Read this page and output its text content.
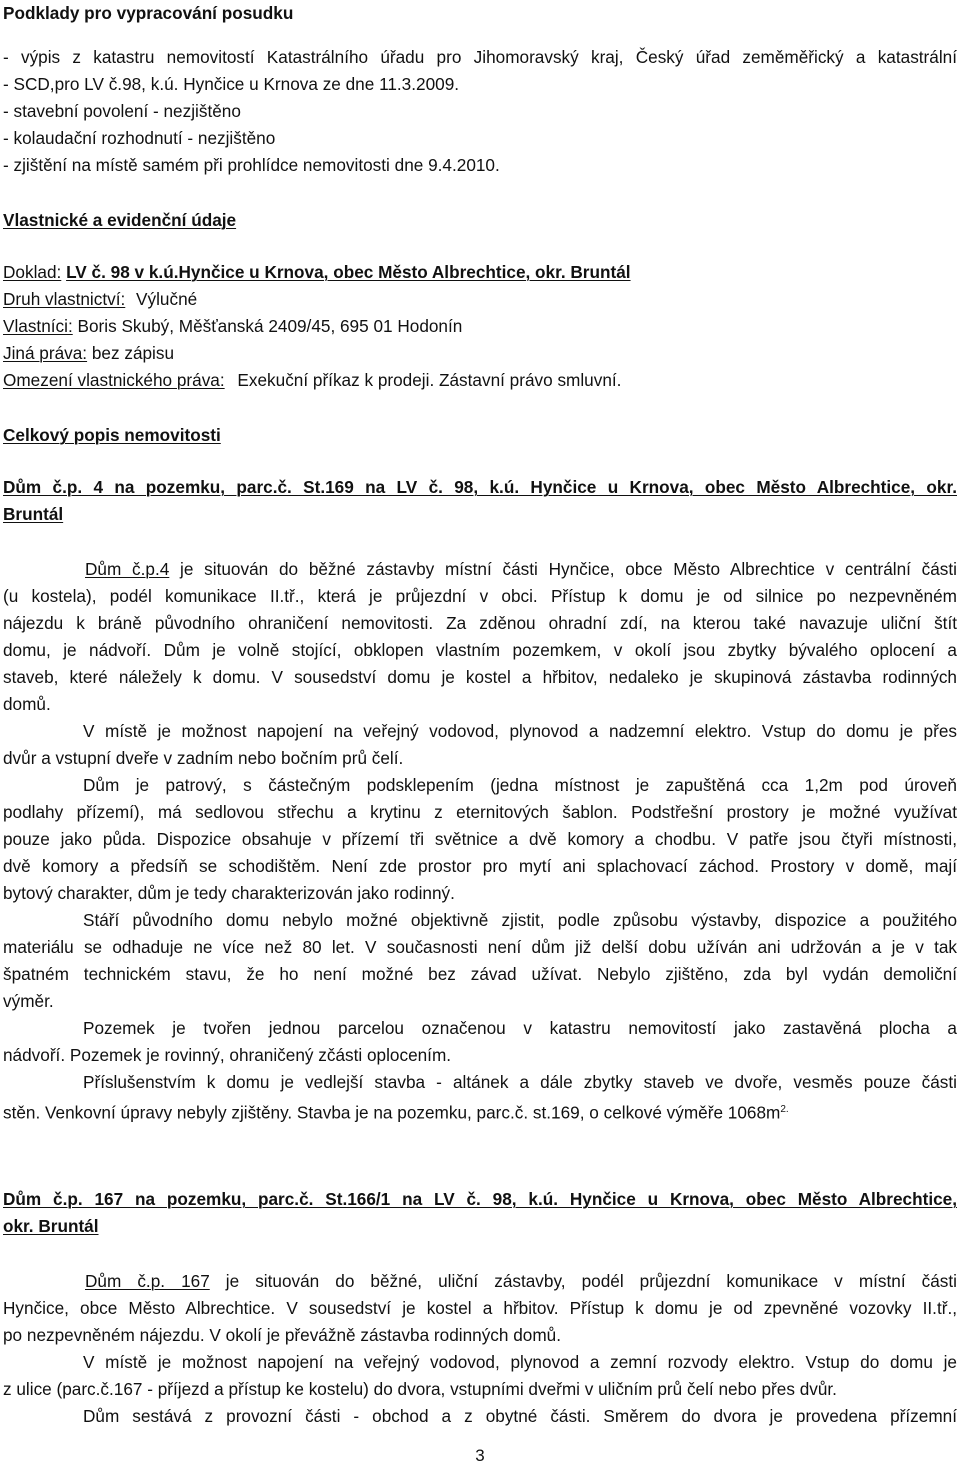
Podklady pro vypracování posudku
- výpis z katastru nemovitostí Katastrálního úřadu pro Jihomoravský kraj, Český úřad zeměměřický a katastrální
- SCD,pro LV č.98, k.ú. Hynčice u Krnova ze dne 11.3.2009.
- stavební povolení - nezjištěno
- kolaudační rozhodnutí - nezjištěno
- zjištění na místě samém při prohlídce nemovitosti dne 9.4.2010.
Vlastnické a evidenční údaje
Doklad: LV č. 98 v k.ú.Hynčice u Krnova, obec Město Albrechtice, okr. Bruntál
Druh vlastnictví: Výlučné
Vlastníci: Boris Skubý, Měšťanská 2409/45, 695 01 Hodonín
Jiná práva: bez zápisu
Omezení vlastnického práva: Exekuční příkaz k prodeji. Zástavní právo smluvní.
Celkový popis nemovitosti
Dům č.p. 4 na pozemku, parc.č. St.169 na LV č. 98, k.ú. Hynčice u Krnova, obec Město Albrechtice, okr.
Bruntál
Dům č.p.4 je situován do běžné zástavby místní části Hynčice, obce Město Albrechtice v centrální části
(u kostela), podél komunikace II.tř., která je průjezdní v obci. Přístup k domu je od silnice po nezpevněném
nájezdu k bráně původního ohraničení nemovitosti. Za zděnou ohradní zdí, na kterou také navazuje uliční štít
domu, je nádvoří. Dům je volně stojící, obklopen vlastním pozemkem, v okolí jsou zbytky bývalého oplocení a
staveb, které náležely k domu. V sousedství domu je kostel a hřbitov, nedaleko je skupinová zástavba rodinných
domů.
V místě je možnost napojení na veřejný vodovod, plynovod a nadzemní elektro. Vstup do domu je přes
dvůr a vstupní dveře v zadním nebo bočním prů čelí.
Dům je patrový, s částečným podsklepením (jedna místnost je zapuštěná cca 1,2m pod úroveň
podlahy přízemí), má sedlovou střechu a krytinu z eternitových šablon. Podstřešní prostory je možné využívat
pouze jako půda. Dispozice obsahuje v přízemí tři světnice a dvě komory a chodbu. V patře jsou čtyři místnosti,
dvě komory a předsíň se schodištěm. Není zde prostor pro mytí ani splachovací záchod. Prostory v domě, mají
bytový charakter, dům je tedy charakterizován jako rodinný.
Stáří původního domu nebylo možné objektivně zjistit, podle způsobu výstavby, dispozice a použitého
materiálu se odhaduje ne více než 80 let. V současnosti není dům již delší dobu užíván ani udržován a je v tak
špatném technickém stavu, že ho není možné bez závad užívat. Nebylo zjištěno, zda byl vydán demoliční
výměr.
Pozemek je tvořen jednou parcelou označenou v katastru nemovitostí jako zastavěná plocha a
nádvoří. Pozemek je rovinný, ohraničený zčásti oplocením.
Příslušenstvím k domu je vedlejší stavba - altánek a dále zbytky staveb ve dvoře, vesměs pouze části
stěn. Venkovní úpravy nebyly zjištěny. Stavba je na pozemku, parc.č. st.169, o celkové výměře $1068m^{2.}$
Dům č.p. 167 na pozemku, parc.č. St.166/1 na LV č. 98, k.ú. Hynčice u Krnova, obec Město Albrechtice,
okr. Bruntál
Dům č.p. 167 je situován do běžné, uliční zástavby, podél průjezdní komunikace v místní části
Hynčice, obce Město Albrechtice. V sousedství je kostel a hřbitov. Přístup k domu je od zpevněné vozovky II.tř.,
po nezpevněném nájezdu. V okolí je převážně zástavba rodinných domů.
V místě je možnost napojení na veřejný vodovod, plynovod a zemní rozvody elektro. Vstup do domu je
z ulice (parc.č.167 - příjezd a přístup ke kostelu) do dvora, vstupními dveřmi v uličním prů čelí nebo přes dvůr.
Dům sestává z provozní části - obchod a z obytné části. Směrem do dvora je provedena přízemní
3
